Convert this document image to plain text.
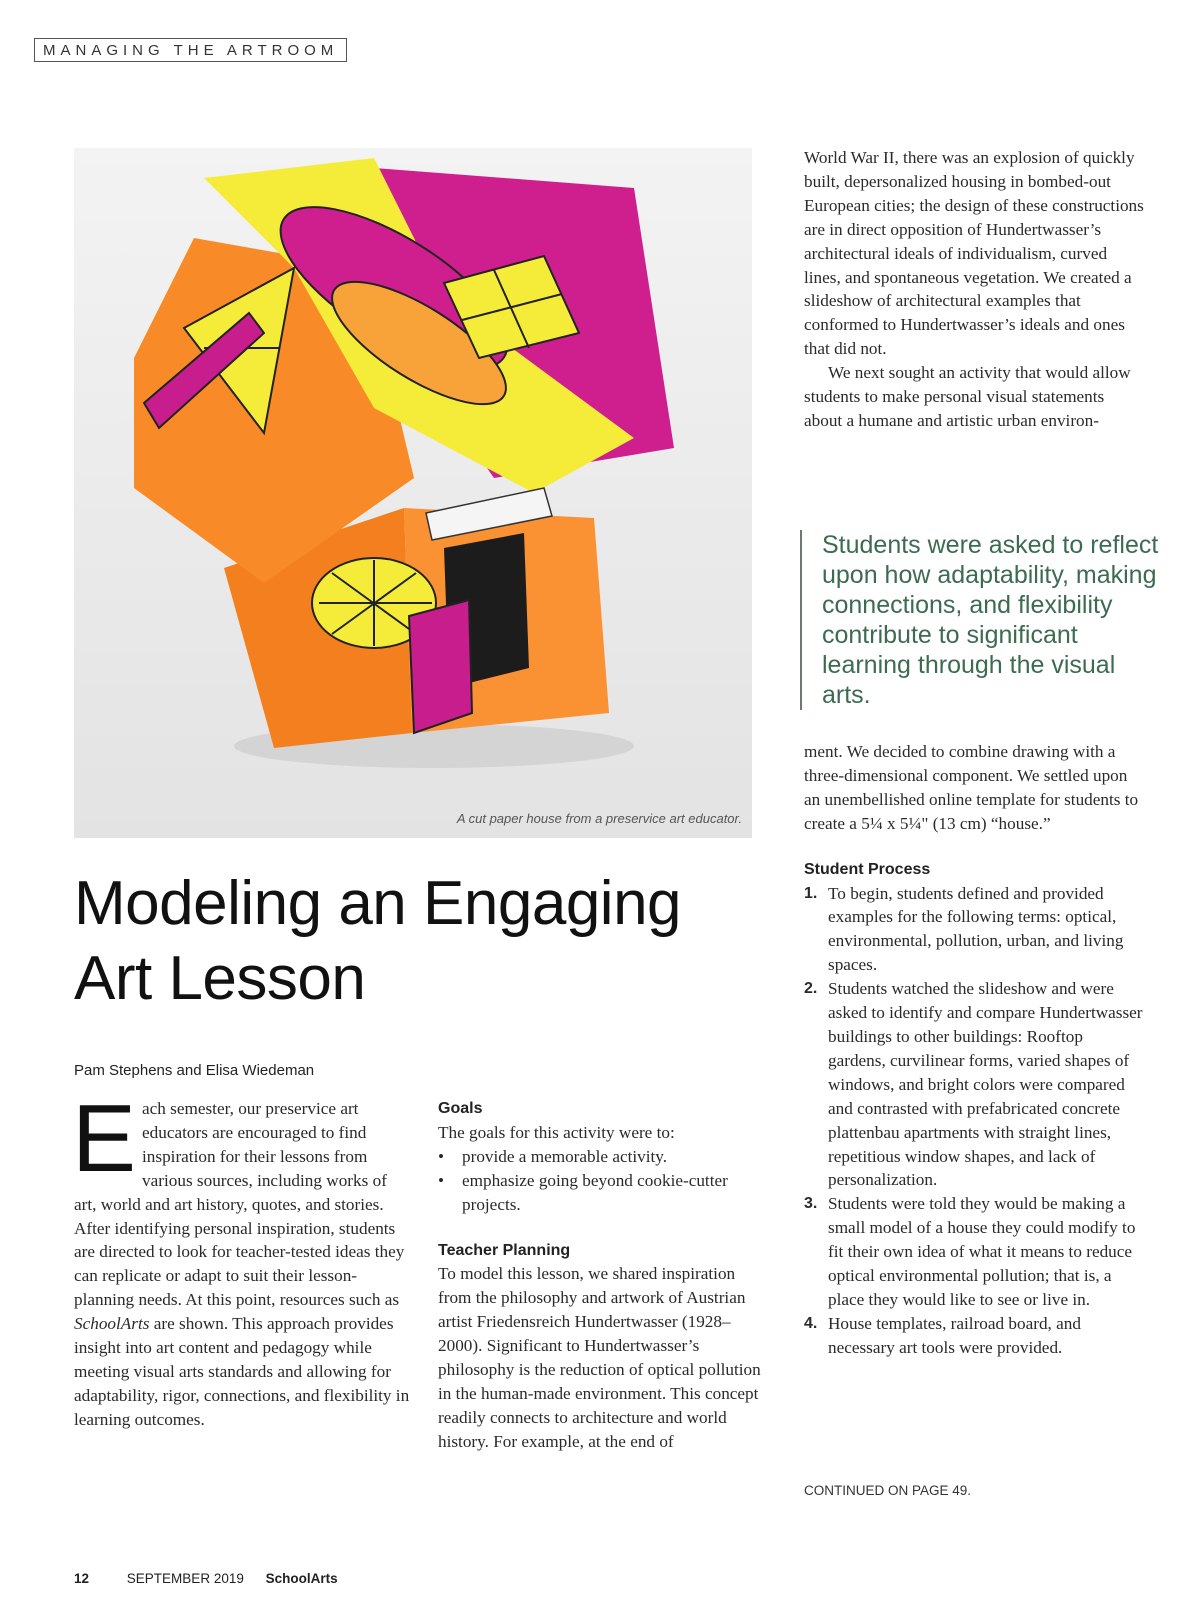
MANAGING THE ARTROOM
A cut paper house from a preservice art educator.
Modeling an Engaging
Art Lesson
Pam Stephens and Elisa Wiedeman

Each semester, our preservice art educators are encouraged to find inspiration for their lessons from various sources, including works of art, world and art history, quotes, and stories. After identifying personal inspiration, students are directed to look for teacher-tested ideas they can replicate or adapt to suit their lesson-planning needs. At this point, resources such as SchoolArts are shown. This approach provides insight into art content and pedagogy while meeting visual arts standards and allowing for adaptability, rigor, connections, and flexibility in learning outcomes.

Goals

The goals for this activity were to:

• provide a memorable activity.
• emphasize going beyond cookie-cutter projects.
Teacher Planning

To model this lesson, we shared inspiration from the philosophy and artwork of Austrian artist Friedensreich Hundertwasser (1928–2000). Significant to Hundertwasser’s philosophy is the reduction of optical pollution in the human-made environment. This concept readily connects to architecture and world history. For example, at the end of

World War II, there was an explosion of quickly built, depersonalized housing in bombed-out European cities; the design of these constructions are in direct opposition of Hundertwasser’s architectural ideals of individualism, curved lines, and spontaneous vegetation. We created a slideshow of architectural examples that conformed to Hundertwasser’s ideals and ones that did not.

We next sought an activity that would allow students to make personal visual statements about a humane and artistic urban environ-

Students were asked to reflect upon how adaptability, making connections, and flexibility contribute to significant learning through the visual arts.

ment. We decided to combine drawing with a three-dimensional component. We settled upon an unembellished online template for students to create a 5¼ x 5¼" (13 cm) “house.”

Student Process
1. To begin, students defined and provided examples for the following terms: optical, environmental, pollution, urban, and living spaces.
2. Students watched the slideshow and were asked to identify and compare Hundertwasser buildings to other buildings: Rooftop gardens, curvilinear forms, varied shapes of windows, and bright colors were compared and contrasted with prefabricated concrete plattenbau apartments with straight lines, repetitious window shapes, and lack of personalization.
3. Students were told they would be making a small model of a house they could modify to fit their own idea of what it means to reduce optical environmental pollution; that is, a place they would like to see or live in.
4. House templates, railroad board, and necessary art tools were provided.
CONTINUED ON PAGE 49.
12	SEPTEMBER 2019 SchoolArts
